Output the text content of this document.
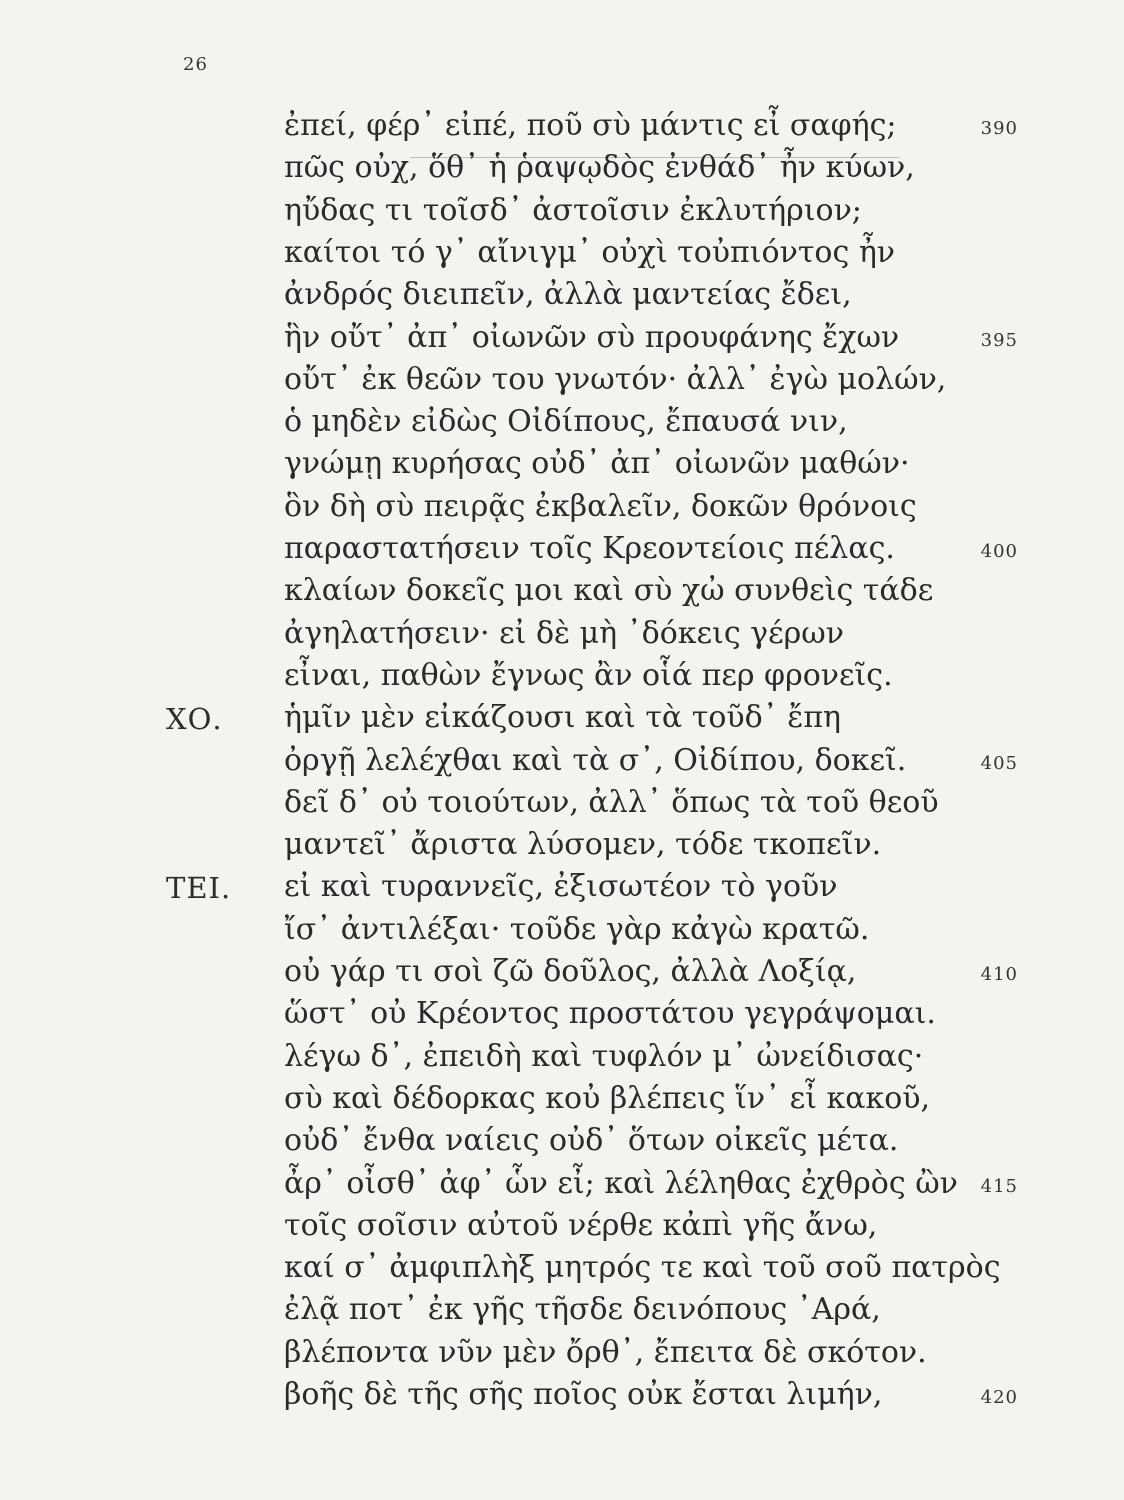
26
ἐπεί, φέρ᾽ εἰπέ, ποῦ σὺ μάντις εἶ σαφής;	390
πῶς οὐχ, ὅθ᾽ ἡ ῥαψῳδὸς ἐνθάδ᾽ ἦν κύων,
ηὔδας τι τοῖσδ᾽ ἀστοῖσιν ἐκλυτήριον;
καίτοι τό γ᾽ αἴνιγμ᾽ οὐχὶ τοὐπιόντος ἦν
ἀνδρός διειπεῖν, ἀλλὰ μαντείας ἔδει,
ἣν οὔτ᾽ ἀπ᾽ οἰωνῶν σὺ προυφάνης ἔχων	395
οὔτ᾽ ἐκ θεῶν του γνωτόν· ἀλλ᾽ ἐγὼ μολών,
ὁ μηδὲν εἰδὼς Οἰδίπους, ἔπαυσά νιν,
γνώμῃ κυρήσας οὐδ᾽ ἀπ᾽ οἰωνῶν μαθών·
ὃν δὴ σὺ πειρᾷς ἐκβαλεῖν, δοκῶν θρόνοις
παραστατήσειν τοῖς Κρεοντείοις πέλας.	400
κλαίων δοκεῖς μοι καὶ σὺ χὠ συνθεὶς τάδε
ἀγηλατήσειν· εἰ δὲ μὴ ᾽δόκεις γέρων
εἶναι, παθὼν ἔγνως ἂν οἷά περ φρονεῖς.
ΧΟ. ἡμῖν μὲν εἰκάζουσι καὶ τὰ τοῦδ᾽ ἔπη
ὀργῇ λελέχθαι καὶ τὰ σ᾽, Οἰδίπου, δοκεῖ.	405
δεῖ δ᾽ οὐ τοιούτων, ἀλλ᾽ ὅπως τὰ τοῦ θεοῦ
μαντεῖ᾽ ἄριστα λύσομεν, τόδε τκοπεῖν.
ΤΕΙ. εἰ καὶ τυραννεῖς, ἐξισωτέον τὸ γοῦν
ἴσ᾽ ἀντιλέξαι· τοῦδε γὰρ κἀγὼ κρατῶ.
οὐ γάρ τι σοὶ ζῶ δοῦλος, ἀλλὰ Λοξίᾳ,	410
ὥστ᾽ οὐ Κρέοντος προστάτου γεγράψομαι.
λέγω δ᾽, ἐπειδὴ καὶ τυφλόν μ᾽ ὠνείδισας·
σὺ καὶ δέδορκας κοὐ βλέπεις ἵν᾽ εἶ κακοῦ,
οὐδ᾽ ἔνθα ναίεις οὐδ᾽ ὅτων οἰκεῖς μέτα.
ἆρ᾽ οἶσθ᾽ ἀφ᾽ ὧν εἶ; καὶ λέληθας ἐχθρὸς ὢν	415
τοῖς σοῖσιν αὐτοῦ νέρθε κἀπὶ γῆς ἄνω,
καί σ᾽ ἀμφιπλὴξ μητρός τε καὶ τοῦ σοῦ πατρὸς
ἐλᾷ ποτ᾽ ἐκ γῆς τῆσδε δεινόπους ᾽Αρά,
βλέποντα νῦν μὲν ὄρθ᾽, ἔπειτα δὲ σκότον.
βοῆς δὲ τῆς σῆς ποῖος οὐκ ἔσται λιμήν,	420
